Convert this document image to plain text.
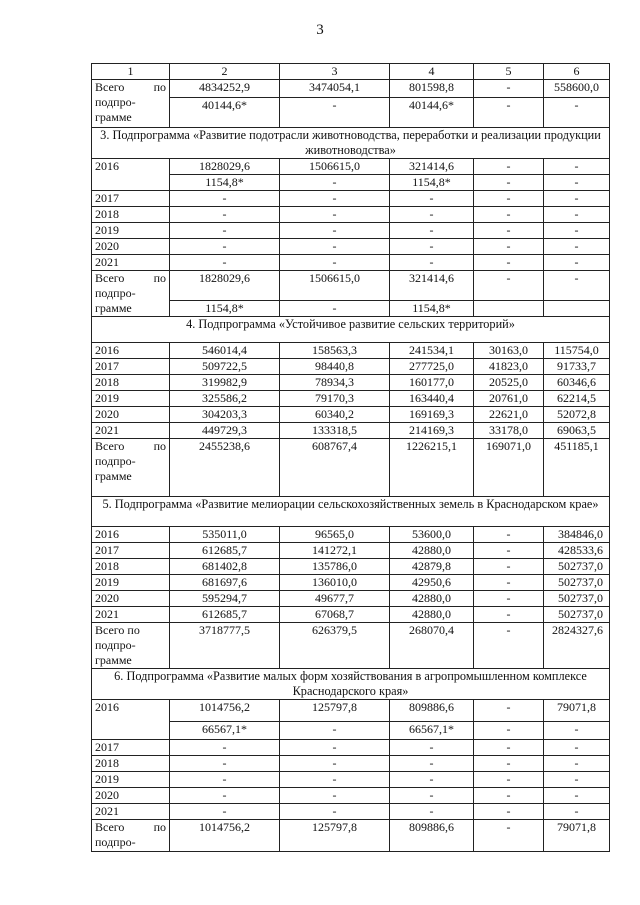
3
1	2	3	4	5	6

Всего по
подпро-
грамме	4834252,9	3474054,1	801598,8	-	558600,0
	40144,6*	-	40144,6*	-	-
3. Подпрограмма «Развитие подотрасли животноводства, переработки и реализации продукции животноводства»					
2016	1828029,6	1506615,0	321414,6	-	-
	1154,8*	-	1154,8*	-	-
2017	-	-	-	-	-
2018	-	-	-	-	-
2019	-	-	-	-	-
2020	-	-	-	-	-
2021	-	-	-	-	-

Всего по
подпро-
грамме	1828029,6	1506615,0	321414,6	-	-
	1154,8*	-	1154,8*		
4. Подпрограмма «Устойчивое развитие сельских территорий»					
2016	546014,4	158563,3	241534,1	30163,0	115754,0
2017	509722,5	98440,8	277725,0	41823,0	91733,7
2018	319982,9	78934,3	160177,0	20525,0	60346,6
2019	325586,2	79170,3	163440,4	20761,0	62214,5
2020	304203,3	60340,2	169169,3	22621,0	52072,8
2021	449729,3	133318,5	214169,3	33178,0	69063,5

Всего по
подпро-
грамме	2455238,6	608767,4	1226215,1	169071,0	451185,1
5. Подпрограмма «Развитие мелиорации сельскохозяйственных земель в Краснодарском крае»					
2016	535011,0	96565,0	53600,0	-	384846,0
2017	612685,7	141272,1	42880,0	-	428533,6
2018	681402,8	135786,0	42879,8	-	502737,0
2019	681697,6	136010,0	42950,6	-	502737,0
2020	595294,7	49677,7	42880,0	-	502737,0
2021	612685,7	67068,7	42880,0	-	502737,0

Всего по
подпро-
грамме	3718777,5	626379,5	268070,4	-	2824327,6
6. Подпрограмма «Развитие малых форм хозяйствования в агропромышленном комплексе Краснодарского края»					
2016	1014756,2	125797,8	809886,6	-	79071,8
	66567,1*	-	66567,1*	-	-
2017	-	-	-	-	-
2018	-	-	-	-	-
2019	-	-	-	-	-
2020	-	-	-	-	-
2021	-	-	-	-	-

Всего по
подпро-	1014756,2	125797,8	809886,6	-	79071,8
